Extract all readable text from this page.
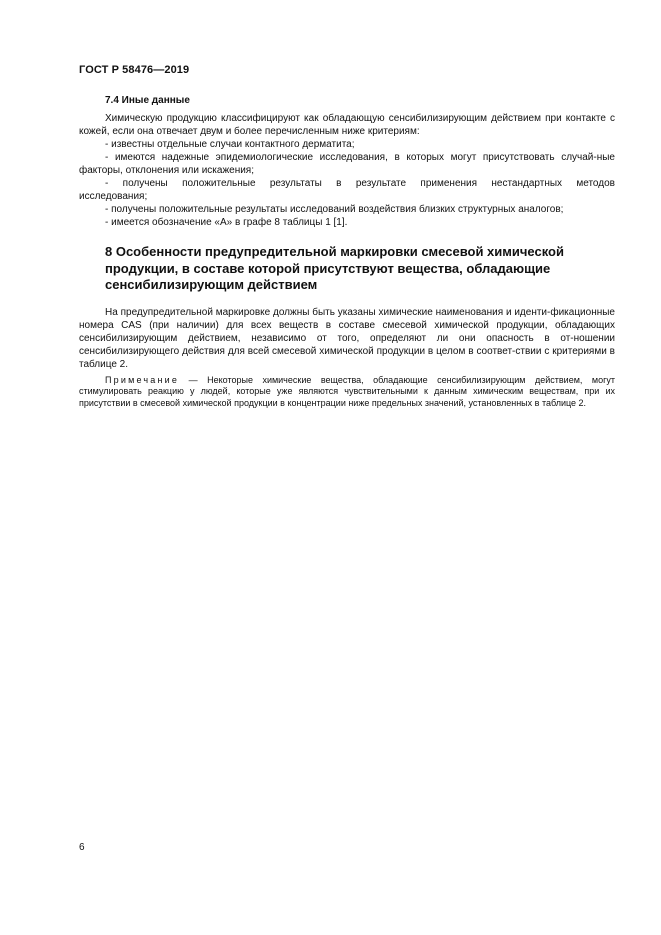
ГОСТ Р 58476—2019
7.4 Иные данные

Химическую продукцию классифицируют как обладающую сенсибилизирующим действием при контакте с кожей, если она отвечает двум и более перечисленным ниже критериям:

- известны отдельные случаи контактного дерматита;

- имеются надежные эпидемиологические исследования, в которых могут присутствовать случай-ные факторы, отклонения или искажения;

- получены положительные результаты в результате применения нестандартных методов

исследования;

- получены положительные результаты исследований воздействия близких структурных аналогов;

- имеется обозначение «А» в графе 8 таблицы 1 [1].

8 Особенности предупредительной маркировки смесевой химической продукции, в составе которой присутствуют вещества, обладающие сенсибилизирующим действием

На предупредительной маркировке должны быть указаны химические наименования и иденти-фикационные номера CAS (при наличии) для всех веществ в составе смесевой химической продукции, обладающих сенсибилизирующим действием, независимо от того, определяют ли они опасность в от-ношении сенсибилизирующего действия для всей смесевой химической продукции в целом в соответ-ствии с критериями в таблице 2.

Примечание — Некоторые химические вещества, обладающие сенсибилизирующим действием, могут стимулировать реакцию у людей, которые уже являются чувствительными к данным химическим веществам, при их присутствии в смесевой химической продукции в концентрации ниже предельных значений, установленных в таблице 2.

6
